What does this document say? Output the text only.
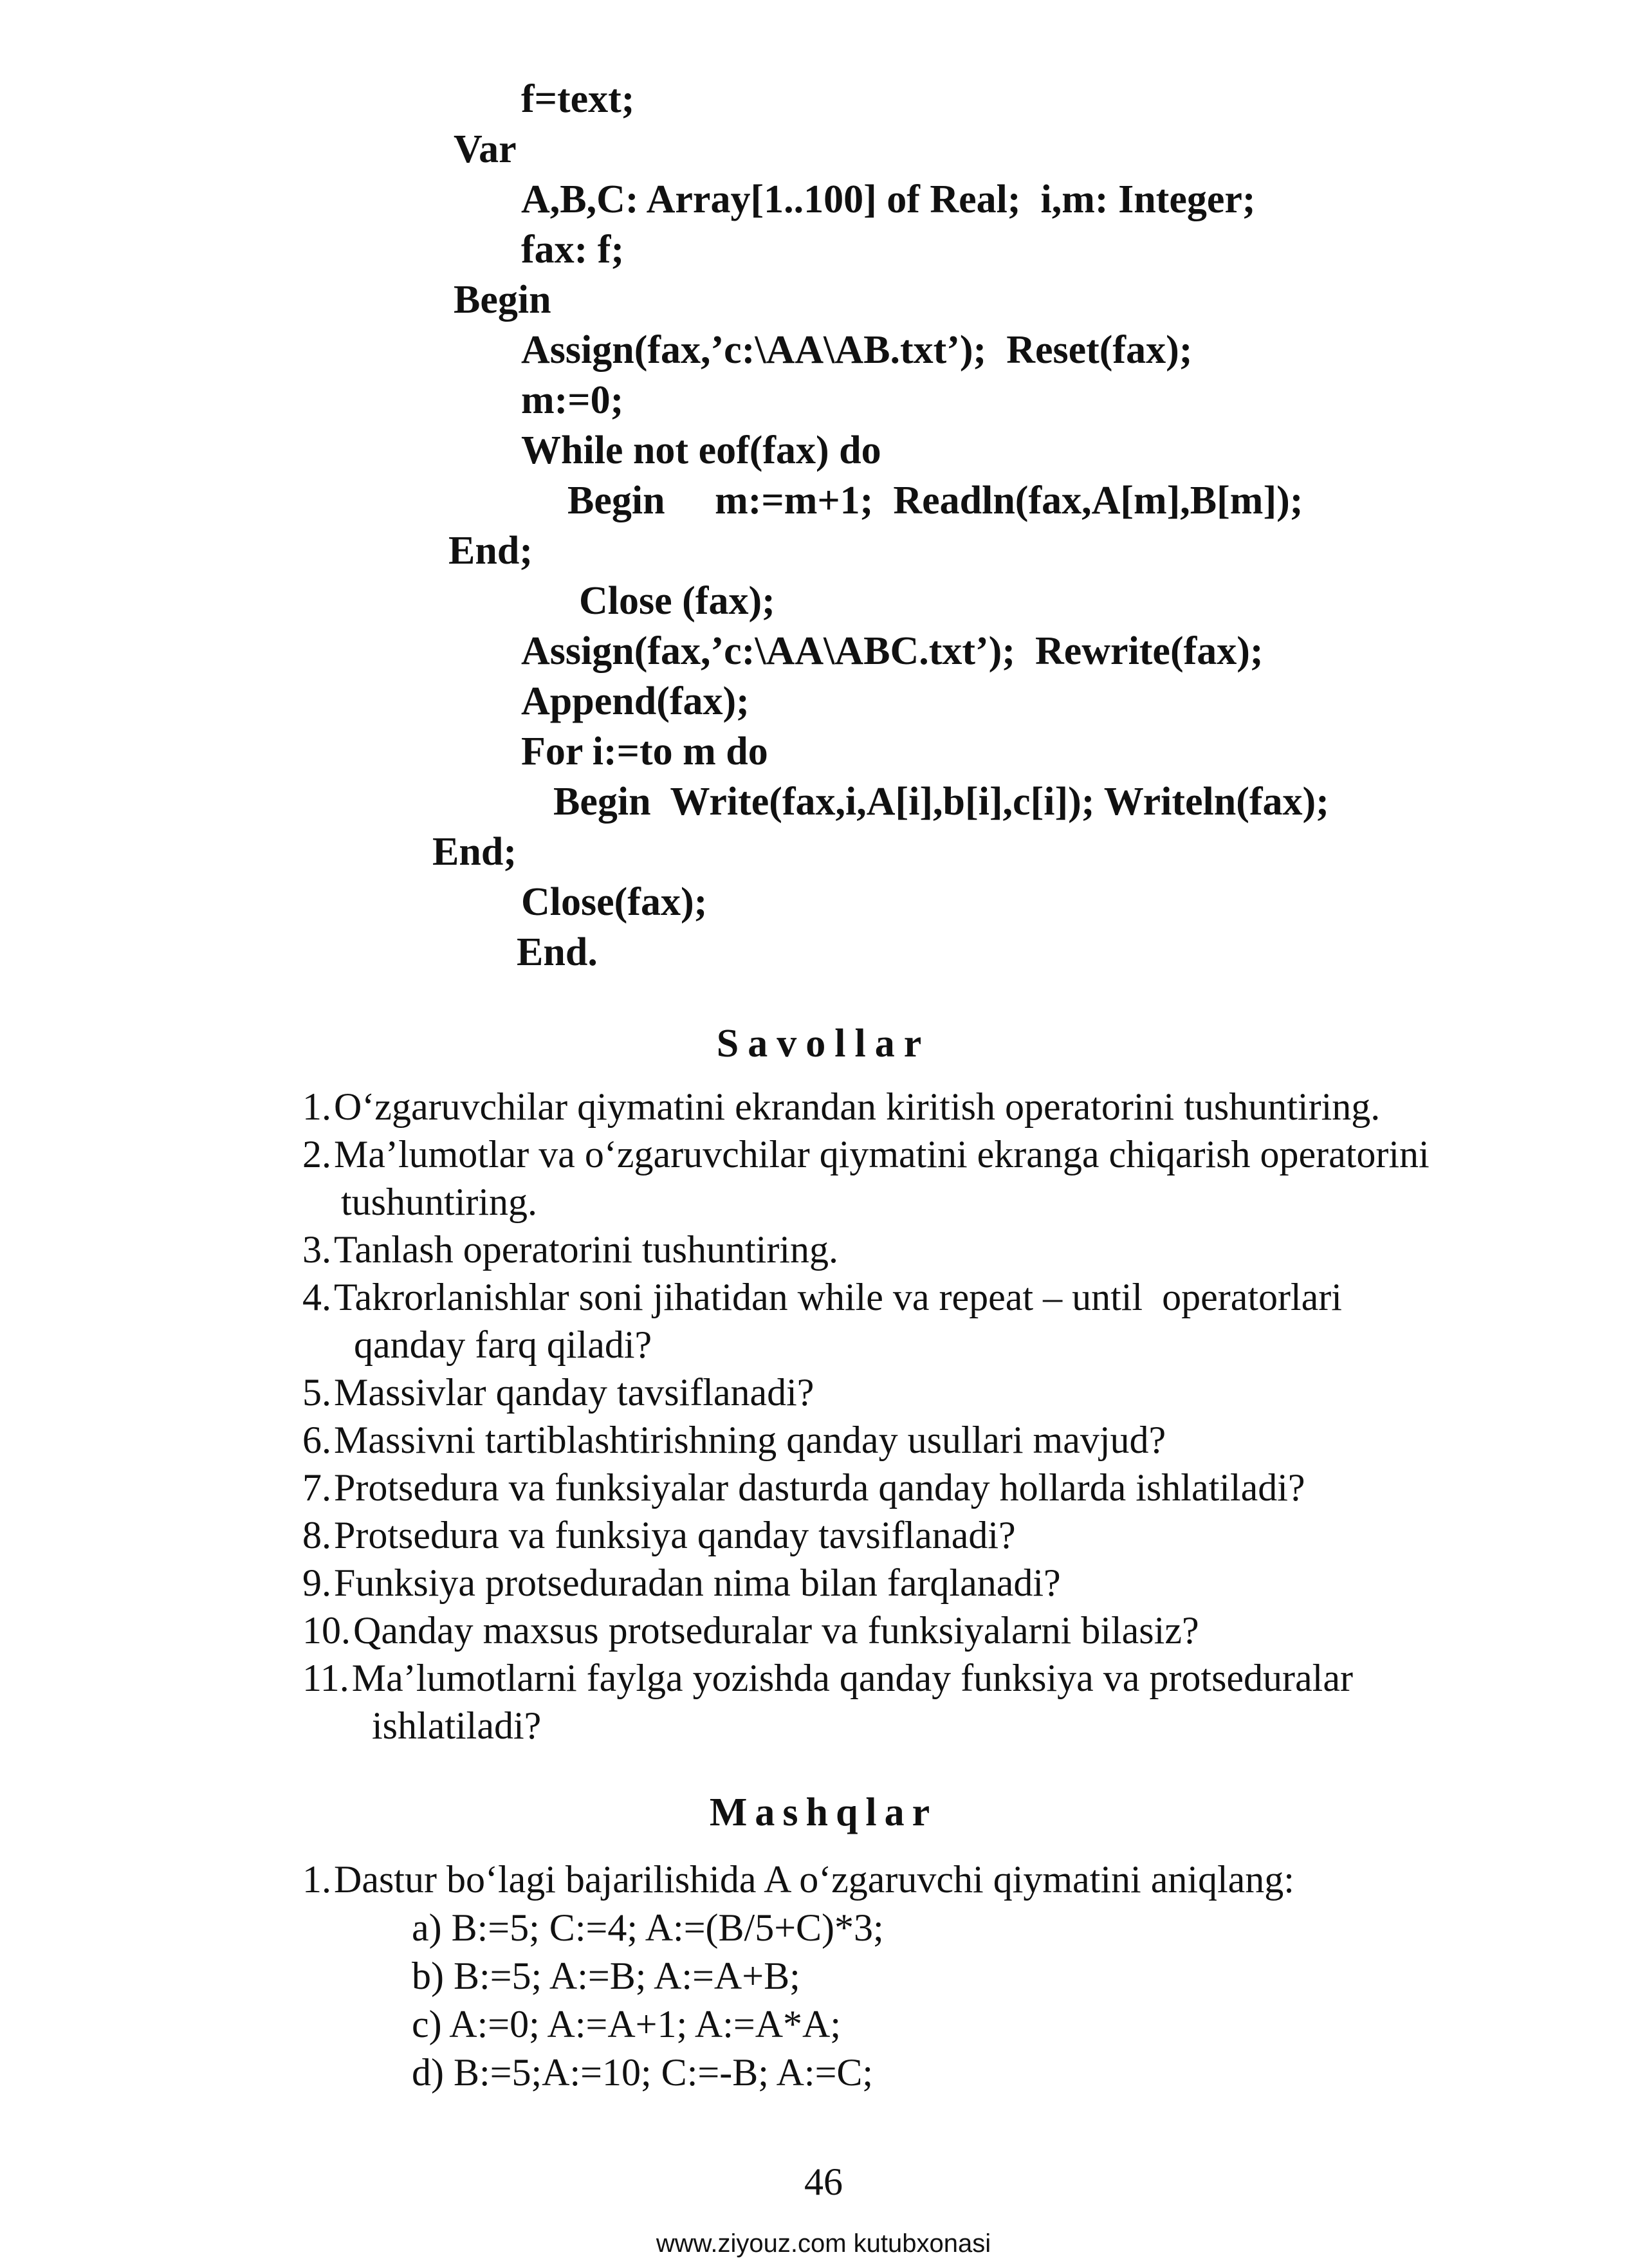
f=text;
Var
A,B,C: Array[1..100] of Real;  i,m: Integer;
fax: f;
Begin
Assign(fax,’c:\AA\AB.txt’);  Reset(fax);
m:=0;
While not eof(fax) do
Begin     m:=m+1;  Readln(fax,A[m],B[m]);
End;
Close (fax);
Assign(fax,’c:\AA\ABC.txt’);  Rewrite(fax);
Append(fax);
For i:=to m do
Begin  Write(fax,i,A[i],b[i],c[i]); Writeln(fax);
End;
Close(fax);
End.
Savollar
1.O‘zgaruvchilar qiymatini ekrandan kiritish operatorini tushuntiring.
2.Ma’lumotlar va o‘zgaruvchilar qiymatini ekranga chiqarish operatorini
tushuntiring.
3.Tanlash operatorini tushuntiring.
4.Takrorlanishlar soni jihatidan while va repeat – until  operatorlari
qanday farq qiladi?
5.Massivlar qanday tavsiflanadi?
6.Massivni tartiblashtirishning qanday usullari mavjud?
7.Protsedura va funksiyalar dasturda qanday hollarda ishlatiladi?
8.Protsedura va funksiya qanday tavsiflanadi?
9.Funksiya protseduradan nima bilan farqlanadi?
10.Qanday maxsus protseduralar va funksiyalarni bilasiz?
11.Ma’lumotlarni faylga yozishda qanday funksiya va protseduralar
ishlatiladi?
Mashqlar
1.Dastur bo‘lagi bajarilishida A o‘zgaruvchi qiymatini aniqlang:
a) B:=5; C:=4; A:=(B/5+C)*3;
b) B:=5; A:=B; A:=A+B;
c) A:=0; A:=A+1; A:=A*A;
d) B:=5;A:=10; C:=-B; A:=C;
46
www.ziyouz.com kutubxonasi
